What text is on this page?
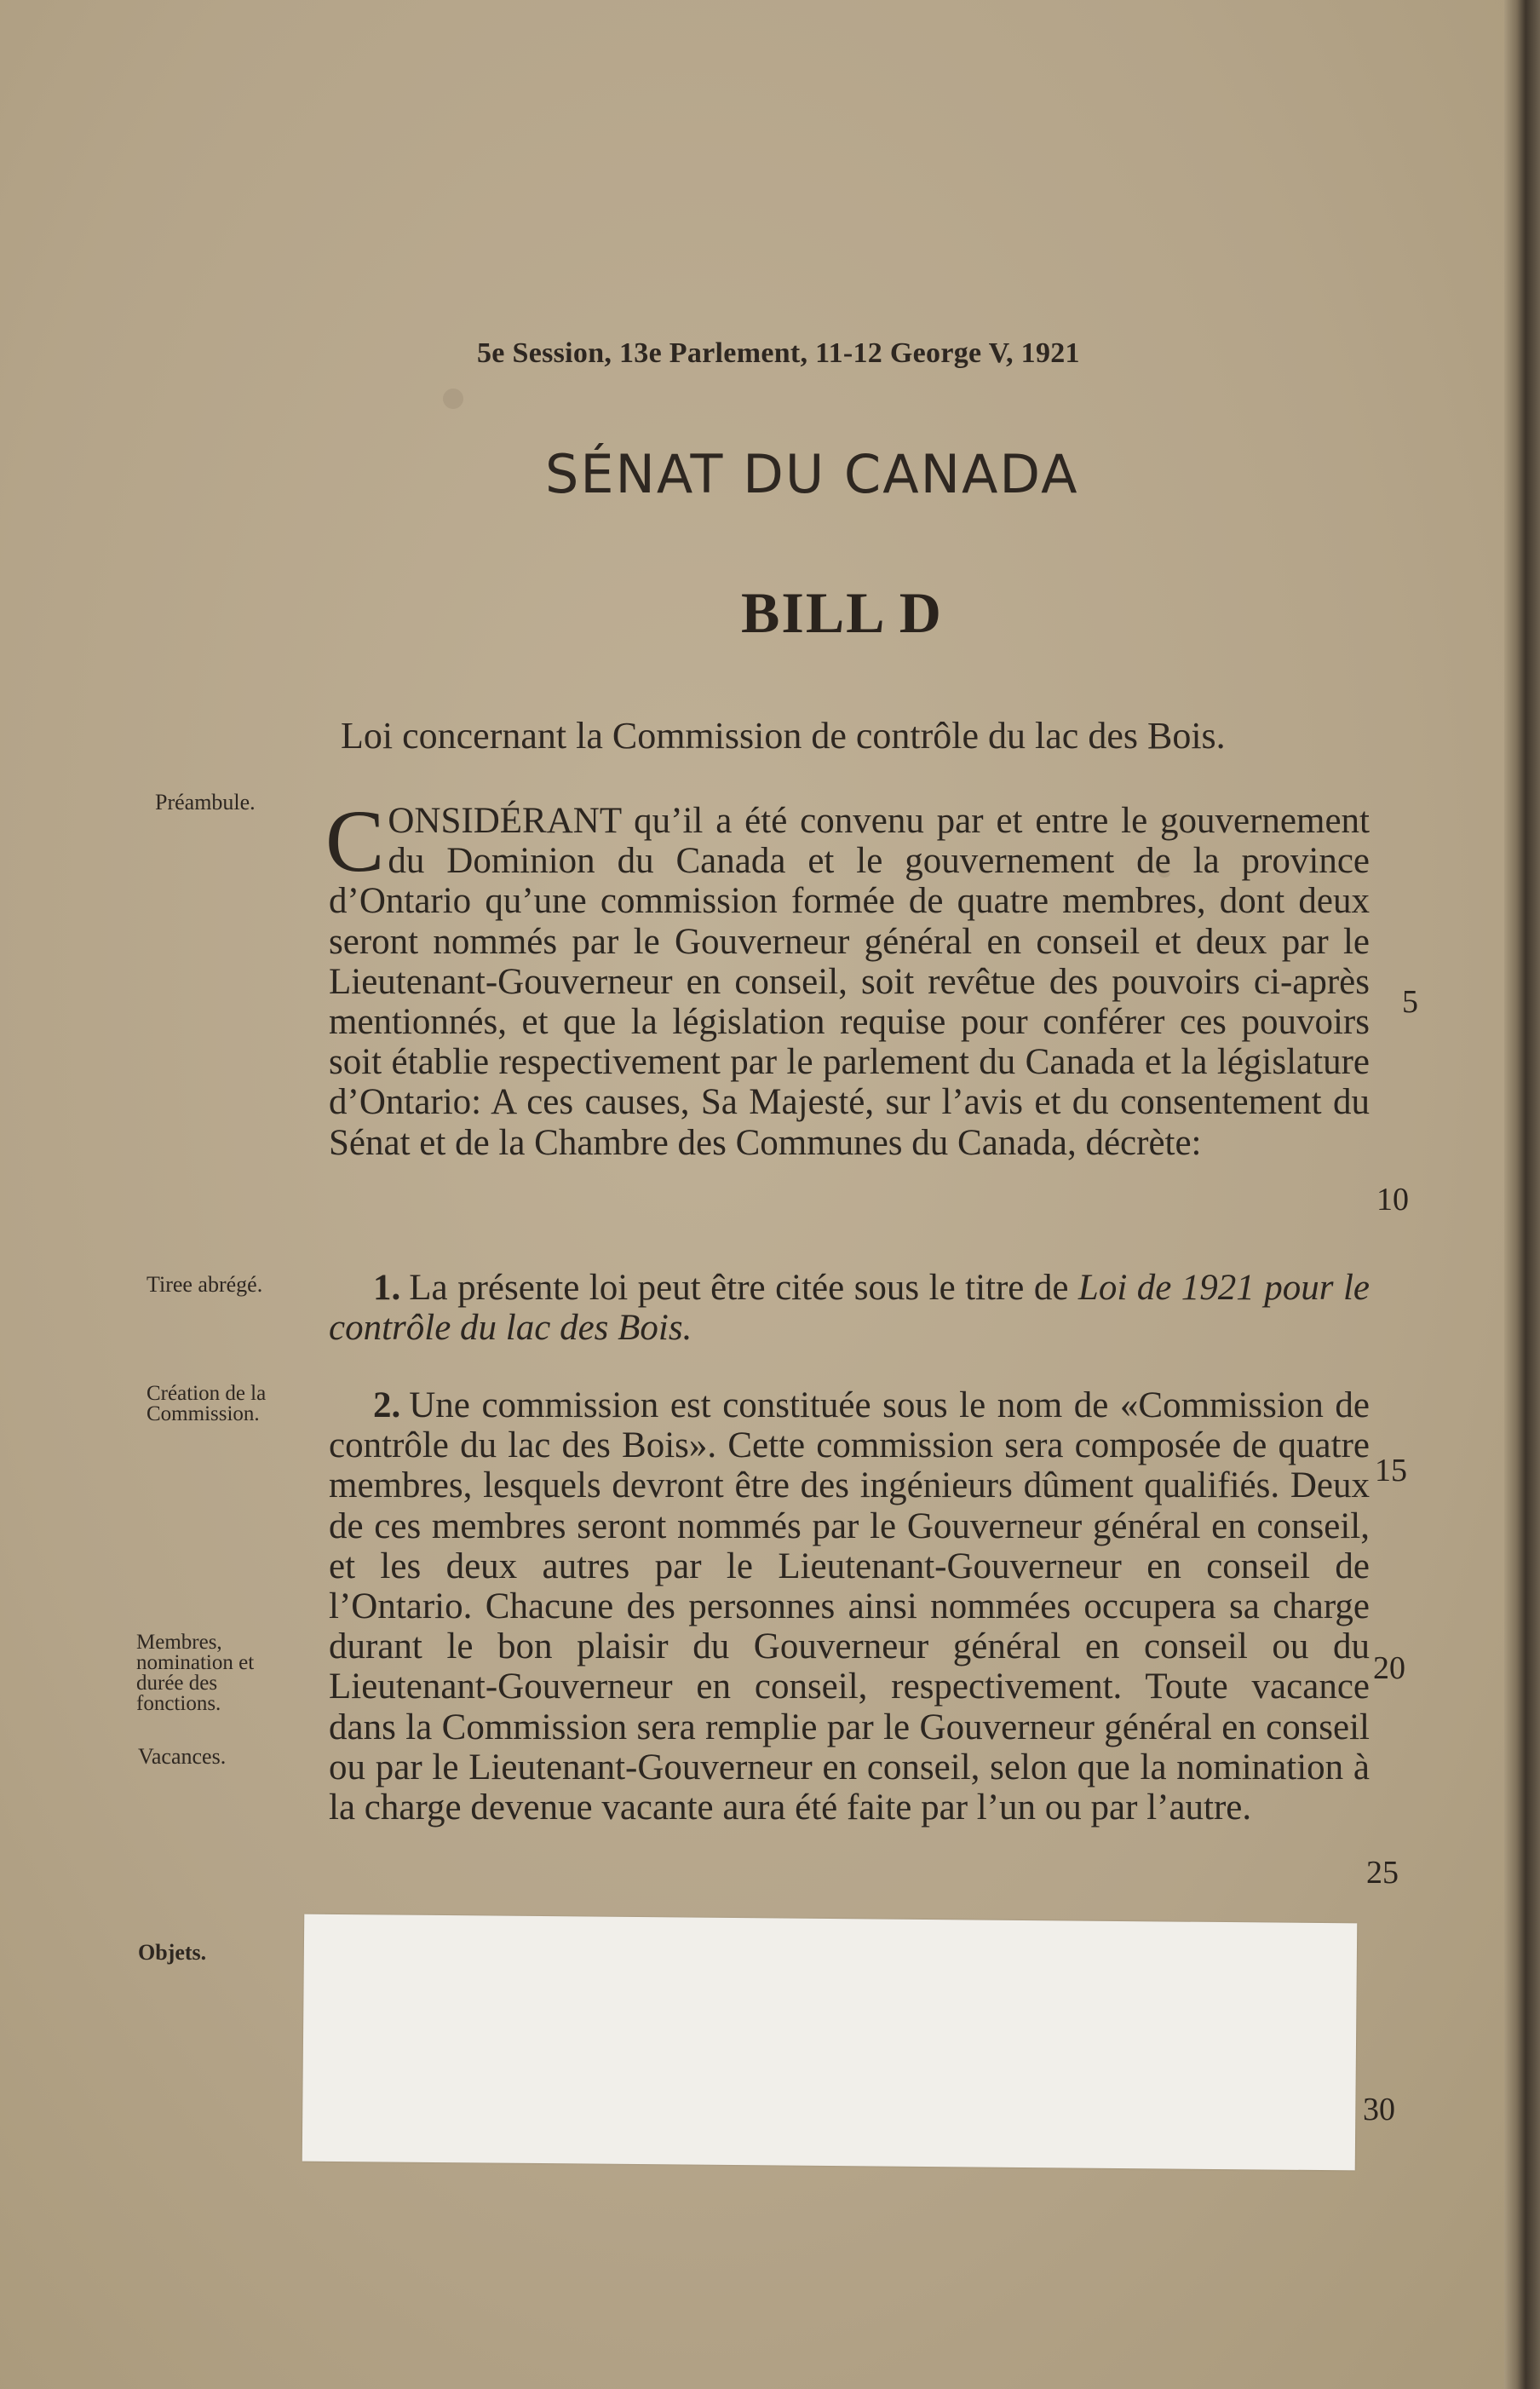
5e Session, 13e Parlement, 11-12 George V, 1921
SÉNAT DU CANADA
BILL D
Loi concernant la Commission de contrôle du lac des Bois.
Préambule.
Tiree abrégé.
Création de la Commission.
Membres, nomination et durée des fonctions.
Vacances.
Objets.

CONSIDÉRANT qu’il a été convenu par et entre le gouvernement du Dominion du Canada et le gouvernement de la province d’Ontario qu’une commission formée de quatre membres, dont deux seront nommés par le Gouverneur général en conseil et deux par le Lieutenant-Gouverneur en conseil, soit revêtue des pouvoirs ci-après mentionnés, et que la législation requise pour conférer ces pouvoirs soit établie respectivement par le parlement du Canada et la législature d’Ontario: A ces causes, Sa Majesté, sur l’avis et du consentement du Sénat et de la Chambre des Communes du Canada, décrète:

1. La présente loi peut être citée sous le titre de Loi de 1921 pour le contrôle du lac des Bois.

2. Une commission est constituée sous le nom de «Commission de contrôle du lac des Bois». Cette commission sera composée de quatre membres, lesquels devront être des ingénieurs dûment qualifiés. Deux de ces membres seront nommés par le Gouverneur général en conseil, et les deux autres par le Lieutenant-Gouverneur en conseil de l’Ontario. Chacune des personnes ainsi nommées occupera sa charge durant le bon plaisir du Gouverneur général en conseil ou du Lieutenant-Gouverneur en conseil, respectivement. Toute vacance dans la Commission sera remplie par le Gouverneur général en conseil ou par le Lieutenant-Gouverneur en conseil, selon que la nomination à la charge devenue vacante aura été faite par l’un ou par l’autre.

5
10
15
20
25
30
